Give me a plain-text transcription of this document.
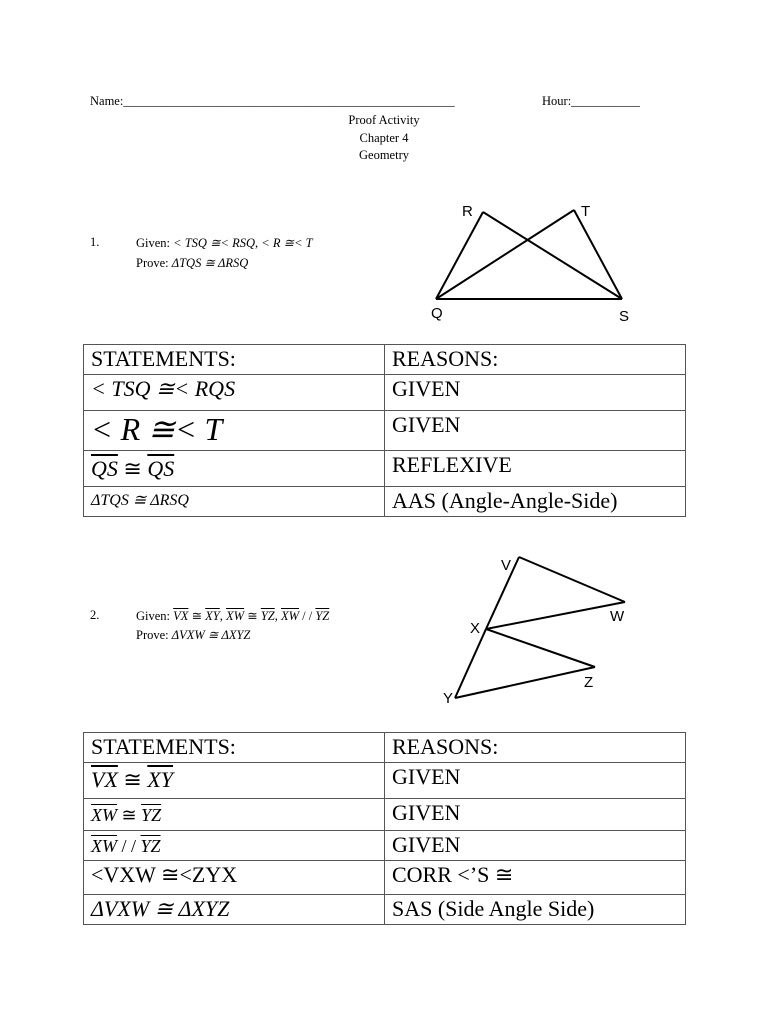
Name:_____________________________________________________	Hour:___________
Proof Activity
Chapter 4
Geometry
1.	Given: < TSQ ≅< RSQ, < R ≅< T
Prove: ΔTQS ≅ ΔRSQ
R	T
Q	S
STATEMENTS:	REASONS:
< TSQ ≅< RQS	GIVEN
< R ≅< T	GIVEN
$\overline{QS}$ ≅ $\overline{QS}$	REFLEXIVE
ΔTQS ≅ ΔRSQ	AAS (Angle-Angle-Side)
2.	Given: $\overline{VX}$ ≅ $\overline{XY}$, $\overline{XW}$ ≅ $\overline{YZ}$, $\overline{XW}$ / / $\overline{YZ}$
Prove: ΔVXW ≅ ΔXYZ
V
W
X
Y
Z
STATEMENTS:	REASONS:
$\overline{VX}$ ≅ $\overline{XY}$	GIVEN
$\overline{XW}$ ≅ $\overline{YZ}$	GIVEN
$\overline{XW}$ / / $\overline{YZ}$	GIVEN
<VXW ≅<ZYX	CORR <’S ≅
ΔVXW ≅ ΔXYZ	SAS (Side Angle Side)
